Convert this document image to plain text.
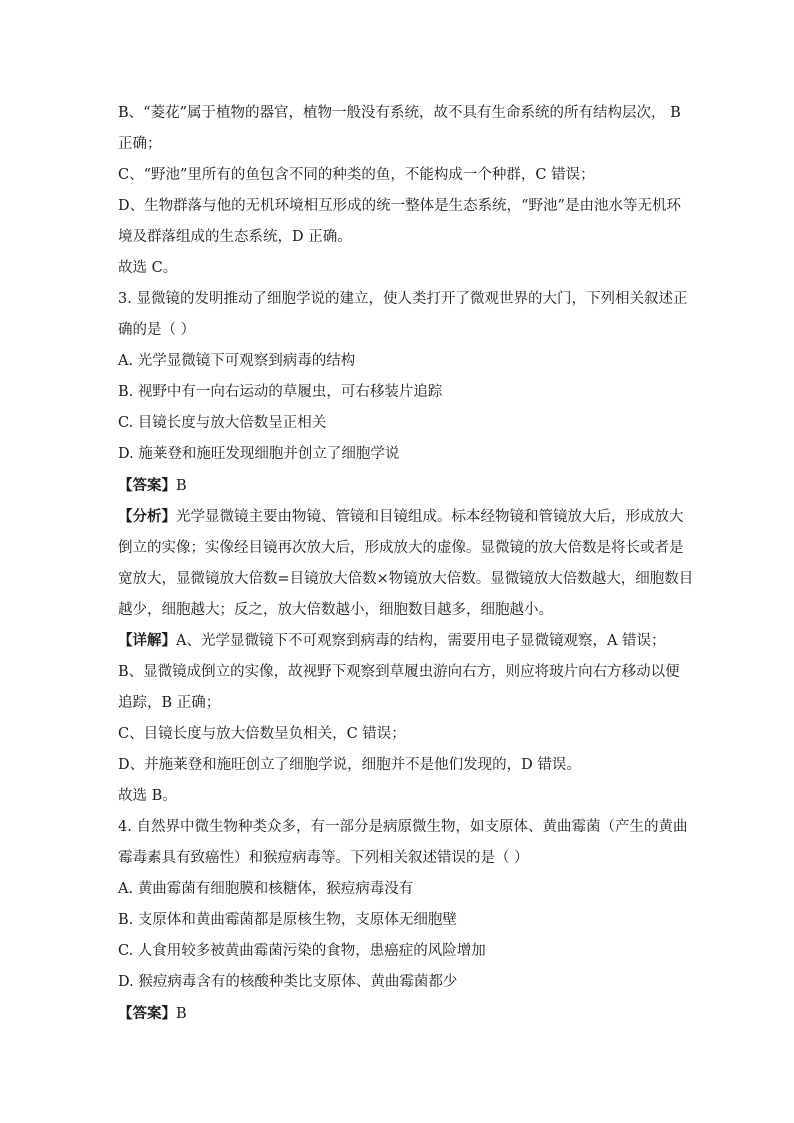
B、“菱花”属于植物的器官，植物一般没有系统，故不具有生命系统的所有结构层次， B
正确；
C、“野池”里所有的鱼包含不同的种类的鱼，不能构成一个种群，C 错误；
D、生物群落与他的无机环境相互形成的统一整体是生态系统，“野池”是由池水等无机环
境及群落组成的生态系统，D 正确。
故选 C。
3. 显微镜的发明推动了细胞学说的建立，使人类打开了微观世界的大门，下列相关叙述正
确的是（ ）
A. 光学显微镜下可观察到病毒的结构
B. 视野中有一向右运动的草履虫，可右移装片追踪
C. 目镜长度与放大倍数呈正相关
D. 施莱登和施旺发现细胞并创立了细胞学说
【答案】B
【分析】光学显微镜主要由物镜、管镜和目镜组成。标本经物镜和管镜放大后，形成放大
倒立的实像；实像经目镜再次放大后，形成放大的虚像。显微镜的放大倍数是将长或者是
宽放大，显微镜放大倍数=目镜放大倍数×物镜放大倍数。显微镜放大倍数越大，细胞数目
越少，细胞越大；反之，放大倍数越小，细胞数目越多，细胞越小。
【详解】A、光学显微镜下不可观察到病毒的结构，需要用电子显微镜观察，A 错误；
B、显微镜成倒立的实像，故视野下观察到草履虫游向右方，则应将玻片向右方移动以便
追踪，B 正确；
C、目镜长度与放大倍数呈负相关，C 错误；
D、并施莱登和施旺创立了细胞学说，细胞并不是他们发现的，D 错误。
故选 B。
4. 自然界中微生物种类众多，有一部分是病原微生物，如支原体、黄曲霉菌（产生的黄曲
霉毒素具有致癌性）和猴痘病毒等。下列相关叙述错误的是（ ）
A. 黄曲霉菌有细胞膜和核糖体，猴痘病毒没有
B. 支原体和黄曲霉菌都是原核生物，支原体无细胞壁
C. 人食用较多被黄曲霉菌污染的食物，患癌症的风险增加
D. 猴痘病毒含有的核酸种类比支原体、黄曲霉菌都少
【答案】B
